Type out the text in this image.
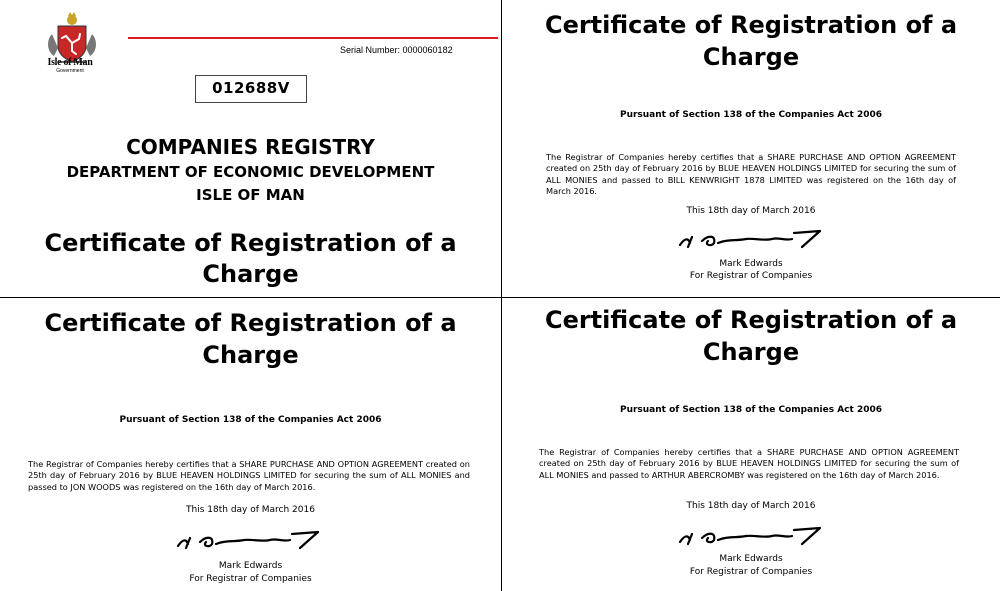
Isle of Man
Government
Serial Number: 0000060182
012688V
COMPANIES REGISTRY
DEPARTMENT OF ECONOMIC DEVELOPMENT
ISLE OF MAN
Certificate of Registration of a
Charge
Certificate of Registration of a
Charge
Pursuant of Section 138 of the Companies Act 2006
The Registrar of Companies hereby certifies that a SHARE PURCHASE AND OPTION AGREEMENT created on 25th day of February 2016 by BLUE HEAVEN HOLDINGS LIMITED for securing the sum of ALL MONIES and passed to BILL KENWRIGHT 1878 LIMITED was registered on the 16th day of March 2016.
This 18th day of March 2016
Mark Edwards
For Registrar of Companies
Certificate of Registration of a
Charge
Pursuant of Section 138 of the Companies Act 2006
The Registrar of Companies hereby certifies that a SHARE PURCHASE AND OPTION AGREEMENT created on 25th day of February 2016 by BLUE HEAVEN HOLDINGS LIMITED for securing the sum of ALL MONIES and passed to JON WOODS was registered on the 16th day of March 2016.
This 18th day of March 2016
Mark Edwards
For Registrar of Companies
Certificate of Registration of a
Charge
Pursuant of Section 138 of the Companies Act 2006
The Registrar of Companies hereby certifies that a SHARE PURCHASE AND OPTION AGREEMENT created on 25th day of February 2016 by BLUE HEAVEN HOLDINGS LIMITED for securing the sum of ALL MONIES and passed to ARTHUR ABERCROMBY was registered on the 16th day of March 2016.
This 18th day of March 2016
Mark Edwards
For Registrar of Companies
